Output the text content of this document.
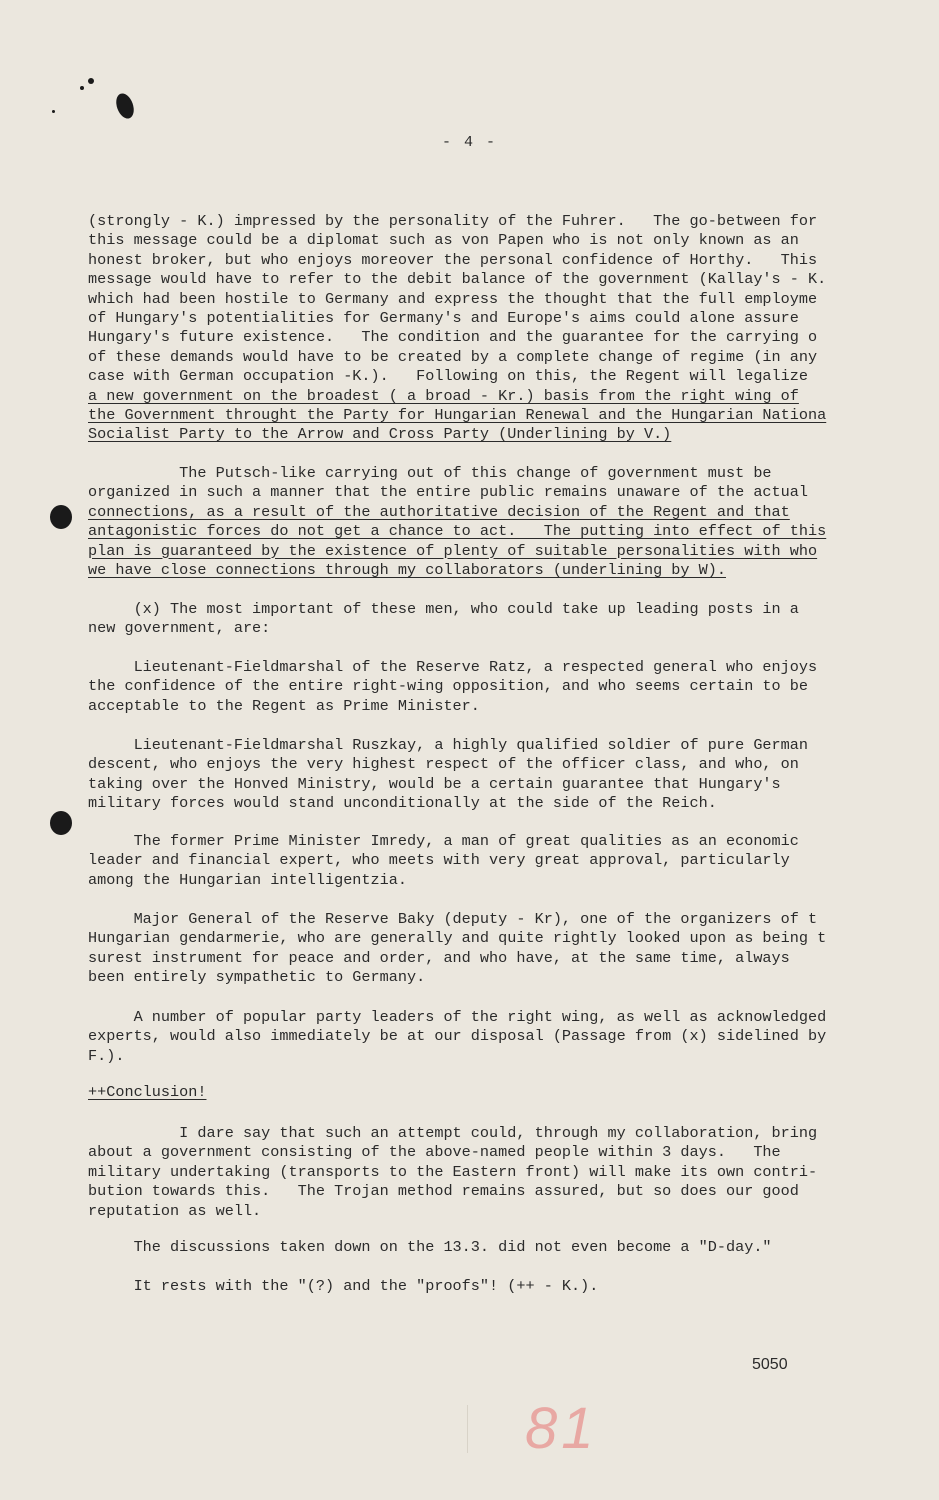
- 4 -
(strongly - K.) impressed by the personality of the Fuhrer.   The go-between for
this message could be a diplomat such as von Papen who is not only known as an
honest broker, but who enjoys moreover the personal confidence of Horthy.   This
message would have to refer to the debit balance of the government (Kallay's - K.
which had been hostile to Germany and express the thought that the full employme
of Hungary's potentialities for Germany's and Europe's aims could alone assure
Hungary's future existence.   The condition and the guarantee for the carrying o
of these demands would have to be created by a complete change of regime (in any
case with German occupation -K.).   Following on this, the Regent will legalize
a new government on the broadest ( a broad - Kr.) basis from the right wing of
the Government throught the Party for Hungarian Renewal and the Hungarian Nationa
Socialist Party to the Arrow and Cross Party (Underlining by V.)
The Putsch-like carrying out of this change of government must be
organized in such a manner that the entire public remains unaware of the actual
connections, as a result of the authoritative decision of the Regent and that
antagonistic forces do not get a chance to act.   The putting into effect of this
plan is guaranteed by the existence of plenty of suitable personalities with who
we have close connections through my collaborators (underlining by W).
(x) The most important of these men, who could take up leading posts in a
new government, are:
Lieutenant-Fieldmarshal of the Reserve Ratz, a respected general who enjoys
the confidence of the entire right-wing opposition, and who seems certain to be
acceptable to the Regent as Prime Minister.
Lieutenant-Fieldmarshal Ruszkay, a highly qualified soldier of pure German
descent, who enjoys the very highest respect of the officer class, and who, on
taking over the Honved Ministry, would be a certain guarantee that Hungary's
military forces would stand unconditionally at the side of the Reich.
The former Prime Minister Imredy, a man of great qualities as an economic
leader and financial expert, who meets with very great approval, particularly
among the Hungarian intelligentzia.
Major General of the Reserve Baky (deputy - Kr), one of the organizers of t
Hungarian gendarmerie, who are generally and quite rightly looked upon as being t
surest instrument for peace and order, and who have, at the same time, always
been entirely sympathetic to Germany.
A number of popular party leaders of the right wing, as well as acknowledged
experts, would also immediately be at our disposal (Passage from (x) sidelined by
F.).
++Conclusion!
I dare say that such an attempt could, through my collaboration, bring
about a government consisting of the above-named people within 3 days.   The
military undertaking (transports to the Eastern front) will make its own contri-
bution towards this.   The Trojan method remains assured, but so does our good
reputation as well.
The discussions taken down on the 13.3. did not even become a "D-day."
It rests with the "(?) and the "proofs"! (++ - K.).
5050
81
